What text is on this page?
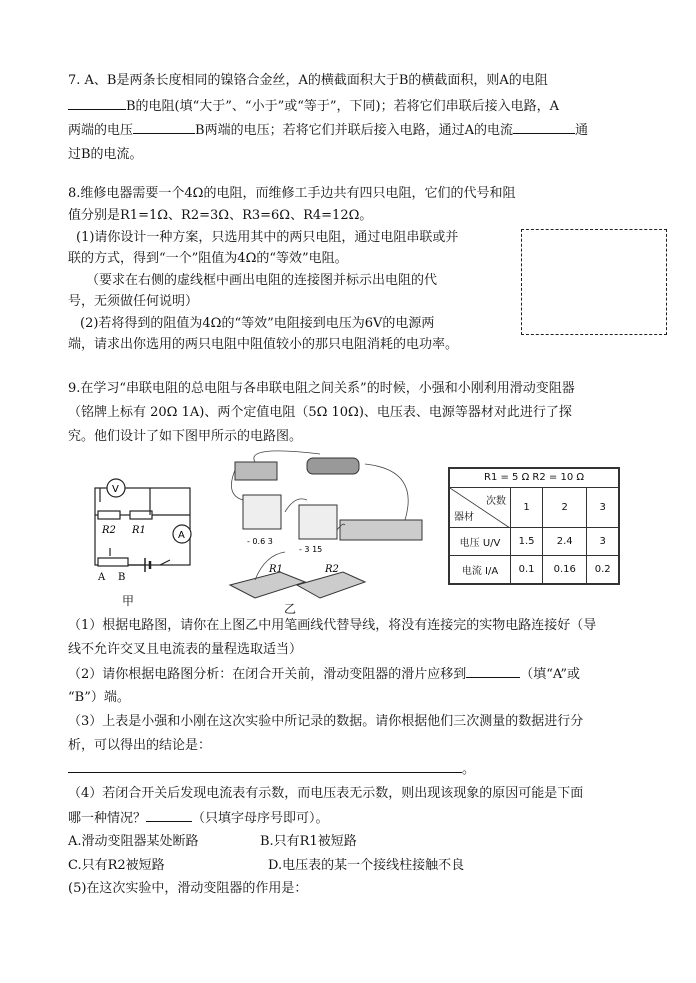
7. A、B是两条长度相同的镍铬合金丝，A的横截面积大于B的横截面积，则A的电阻
B的电阻(填“大于”、“小于”或“等于”，下同)；若将它们串联后接入电路，A
两端的电压	B两端的电压；若将它们并联后接入电路，通过A的电流	通
过B的电流。
8.维修电器需要一个4Ω的电阻，而维修工手边共有四只电阻，它们的代号和阻
值分别是R1=1Ω、R2=3Ω、R3=6Ω、R4=12Ω。
(1)请你设计一种方案，只选用其中的两只电阻，通过电阻串联或并
联的方式，得到“一个”阻值为4Ω的“等效”电阻。
（要求在右侧的虚线框中画出电阻的连接图并标示出电阻的代
号，无须做任何说明）
(2)若将得到的阻值为4Ω的“等效”电阻接到电压为6V的电源两
端，请求出你选用的两只电阻中阻值较小的那只电阻消耗的电功率。
9.在学习“串联电阻的总电阻与各串联电阻之间关系”的时候，小强和小刚利用滑动变阻器
（铭牌上标有 20Ω 1A)、两个定值电阻（5Ω 10Ω)、电压表、电源等器材对此进行了探
究。他们设计了如下图甲所示的电路图。
V
A
R2 R1
A B
甲
- 0.6 3
- 3 15
R1	R2
乙
R1 = 5 Ω R2 = 10 Ω			

次数
器材	1	2	3
电压 U/V	1.5	2.4	3
电流 I/A	0.1	0.16	0.2
（1）根据电路图，请你在上图乙中用笔画线代替导线，将没有连接完的实物电路连接好（导
线不允许交叉且电流表的量程选取适当）
（2）请你根据电路图分析：在闭合开关前，滑动变阻器的滑片应移到	（填“A”或
“B”）端。
（3）上表是小强和小刚在这次实验中所记录的数据。请你根据他们三次测量的数据进行分
析，可以得出的结论是：
。
（4）若闭合开关后发现电流表有示数，而电压表无示数，则出现该现象的原因可能是下面
哪一种情况？	（只填字母序号即可）。
A.滑动变阻器某处断路	B.只有R1被短路
C.只有R2被短路	D.电压表的某一个接线柱接触不良
(5)在这次实验中，滑动变阻器的作用是：
